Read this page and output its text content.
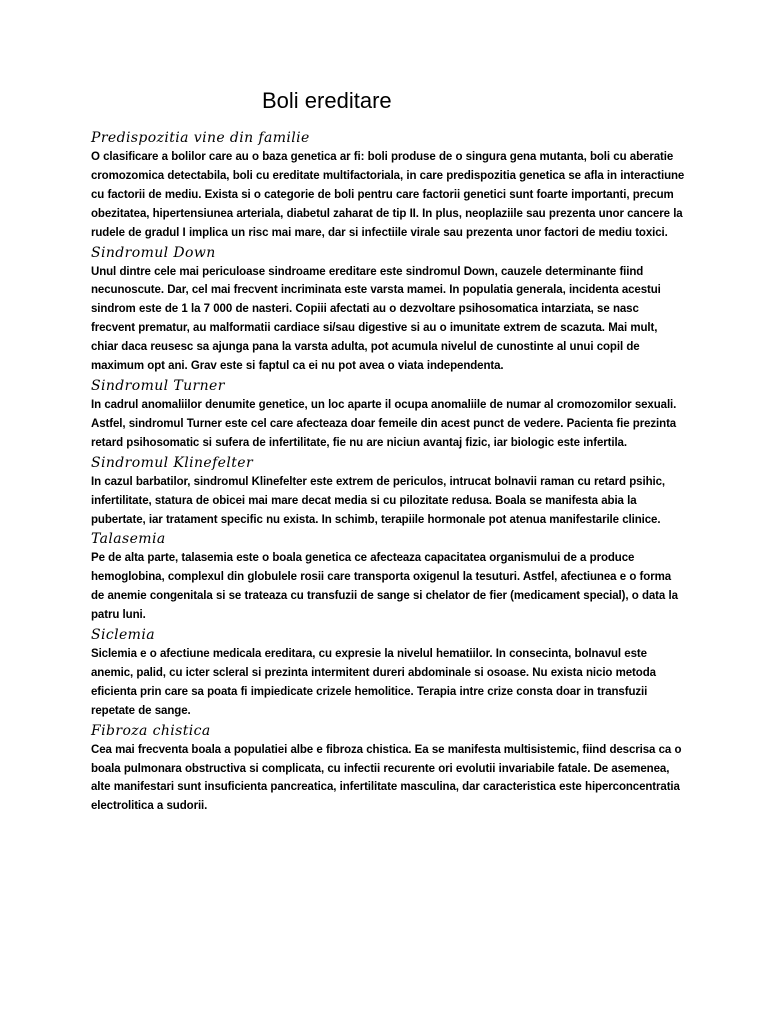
Boli ereditare
Predispozitia vine din familie

O clasificare a bolilor care au o baza genetica ar fi: boli produse de o singura gena mutanta, boli cu aberatie cromozomica detectabila, boli cu ereditate multifactoriala, in care predispozitia genetica se afla in interactiune cu factorii de mediu. Exista si o categorie de boli pentru care factorii genetici sunt foarte importanti, precum obezitatea, hipertensiunea arteriala, diabetul zaharat de tip II. In plus, neoplaziile sau prezenta unor cancere la rudele de gradul I implica un risc mai mare, dar si infectiile virale sau prezenta unor factori de mediu toxici.

Sindromul Down

Unul dintre cele mai periculoase sindroame ereditare este sindromul Down, cauzele determinante fiind necunoscute. Dar, cel mai frecvent incriminata este varsta mamei. In populatia generala, incidenta acestui sindrom este de 1 la 7 000 de nasteri. Copiii afectati au o dezvoltare psihosomatica intarziata, se nasc frecvent prematur, au malformatii cardiace si/sau digestive si au o imunitate extrem de scazuta. Mai mult, chiar daca reusesc sa ajunga pana la varsta adulta, pot acumula nivelul de cunostinte al unui copil de maximum opt ani. Grav este si faptul ca ei nu pot avea o viata independenta.

Sindromul Turner

In cadrul anomaliilor denumite genetice, un loc aparte il ocupa anomaliile de numar al cromozomilor sexuali. Astfel, sindromul Turner este cel care afecteaza doar femeile din acest punct de vedere. Pacienta fie prezinta retard psihosomatic si sufera de infertilitate, fie nu are niciun avantaj fizic, iar biologic este infertila.

Sindromul Klinefelter

In cazul barbatilor, sindromul Klinefelter este extrem de periculos, intrucat bolnavii raman cu retard psihic, infertilitate, statura de obicei mai mare decat media si cu pilozitate redusa. Boala se manifesta abia la pubertate, iar tratament specific nu exista. In schimb, terapiile hormonale pot atenua manifestarile clinice.

Talasemia

Pe de alta parte, talasemia este o boala genetica ce afecteaza capacitatea organismului de a produce hemoglobina, complexul din globulele rosii care transporta oxigenul la tesuturi. Astfel, afectiunea e o forma de anemie congenitala si se trateaza cu transfuzii de sange si chelator de fier (medicament special), o data la patru luni.

Siclemia

Siclemia e o afectiune medicala ereditara, cu expresie la nivelul hematiilor. In consecinta, bolnavul este anemic, palid, cu icter scleral si prezinta intermitent dureri abdominale si osoase. Nu exista nicio metoda eficienta prin care sa poata fi impiedicate crizele hemolitice. Terapia intre crize consta doar in transfuzii repetate de sange.

Fibroza chistica

Cea mai frecventa boala a populatiei albe e fibroza chistica. Ea se manifesta multisistemic, fiind descrisa ca o boala pulmonara obstructiva si complicata, cu infectii recurente ori evolutii invariabile fatale. De asemenea, alte manifestari sunt insuficienta pancreatica, infertilitate masculina, dar caracteristica este hiperconcentratia electrolitica a sudorii.
